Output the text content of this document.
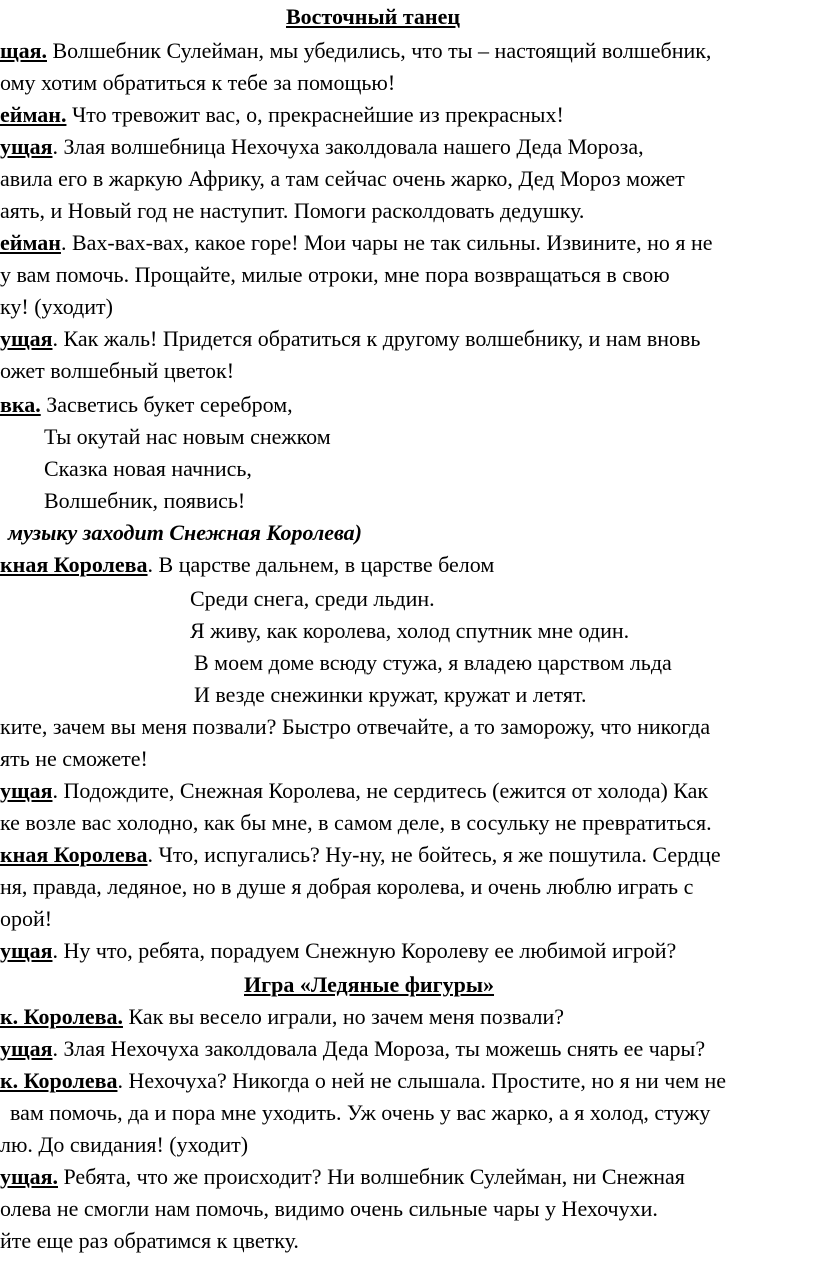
Восточный танец
щая. Волшебник Сулейман, мы убедились, что ты – настоящий волшебник,
ому хотим обратиться к тебе за помощью!
ейман. Что тревожит вас, о, прекраснейшие из прекрасных!
ущая. Злая волшебница Нехочуха заколдовала нашего Деда Мороза,
авила его в жаркую Африку, а там сейчас очень жарко, Дед Мороз может
аять, и Новый год не наступит. Помоги расколдовать дедушку.
ейман. Вах-вах-вах, какое горе! Мои чары не так сильны. Извините, но я не
у вам помочь. Прощайте, милые отроки, мне пора возвращаться в свою
ку! (уходит)
ущая. Как жаль! Придется обратиться к другому волшебнику, и нам вновь
ожет волшебный цветок!
вка. Засветись букет серебром,
Ты окутай нас новым снежком
Сказка новая начнись,
Волшебник, появись!
музыку заходит Снежная Королева)
кная Королева. В царстве дальнем, в царстве белом
Среди снега, среди льдин.
Я живу, как королева, холод спутник мне один.
В моем доме всюду стужа, я владею царством льда
И везде снежинки кружат, кружат и летят.
ките, зачем вы меня позвали? Быстро отвечайте, а то заморожу, что никогда
ять не сможете!
ущая. Подождите, Снежная Королева, не сердитесь (ежится от холода) Как
ке возле вас холодно, как бы мне, в самом деле, в сосульку не превратиться.
кная Королева. Что, испугались? Ну-ну, не бойтесь, я же пошутила. Сердце
ня, правда, ледяное, но в душе я добрая королева, и очень люблю играть с
орой!
ущая. Ну что, ребята, порадуем Снежную Королеву ее любимой игрой?
Игра «Ледяные фигуры»
к. Королева. Как вы весело играли, но зачем меня позвали?
ущая. Злая Нехочуха заколдовала Деда Мороза, ты можешь снять ее чары?
к. Королева. Нехочуха? Никогда о ней не слышала. Простите, но я ни чем не
вам помочь, да и пора мне уходить. Уж очень у вас жарко, а я холод, стужу
лю. До свидания! (уходит)
ущая. Ребята, что же происходит? Ни волшебник Сулейман, ни Снежная
олева не смогли нам помочь, видимо очень сильные чары у Нехочухи.
йте еще раз обратимся к цветку.
